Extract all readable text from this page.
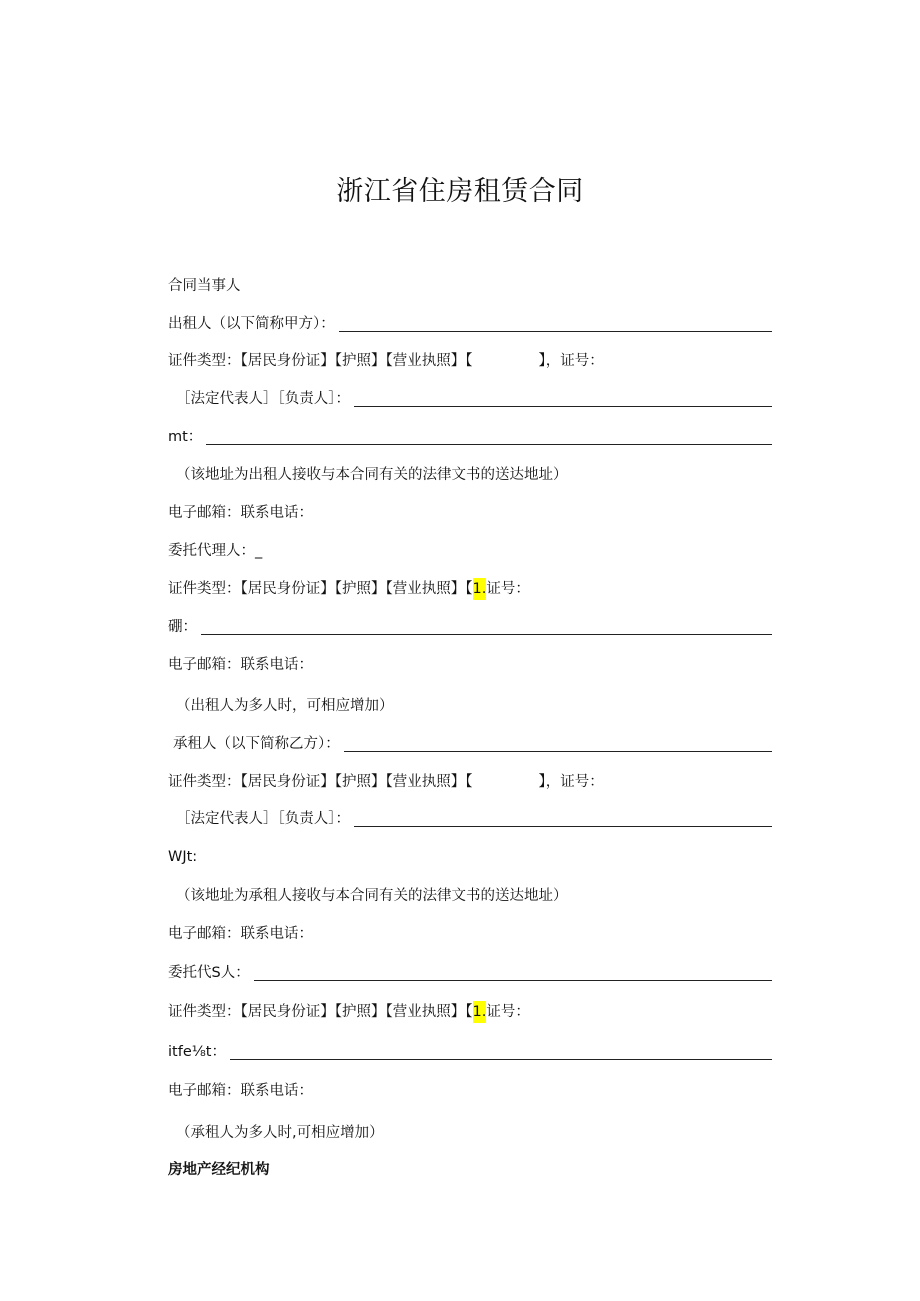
浙江省住房租赁合同
合同当事人
出租人（以下简称甲方）：
证件类型：【居民身份证】【护照】【营业执照】【	】，证号：
［法定代表人］［负责人］：
mt：
（该地址为出租人接收与本合同有关的法律文书的送达地址）
电子邮箱：联系电话：
委托代理人：_
证件类型：【居民身份证】【护照】【营业执照】【 1. 证号：
硼：
电子邮箱：联系电话：
（出租人为多人时，可相应增加）
承租人（以下简称乙方）：
证件类型：【居民身份证】【护照】【营业执照】【	】，证号：
［法定代表人］［负责人］：
WJt:
（该地址为承租人接收与本合同有关的法律文书的送达地址）
电子邮箱：联系电话：
委托代S人：
证件类型：【居民身份证】【护照】【营业执照】【 1. 证号：
itfe⅛t：
电子邮箱：联系电话：
（承租人为多人时,可相应增加）
房地产经纪机构
